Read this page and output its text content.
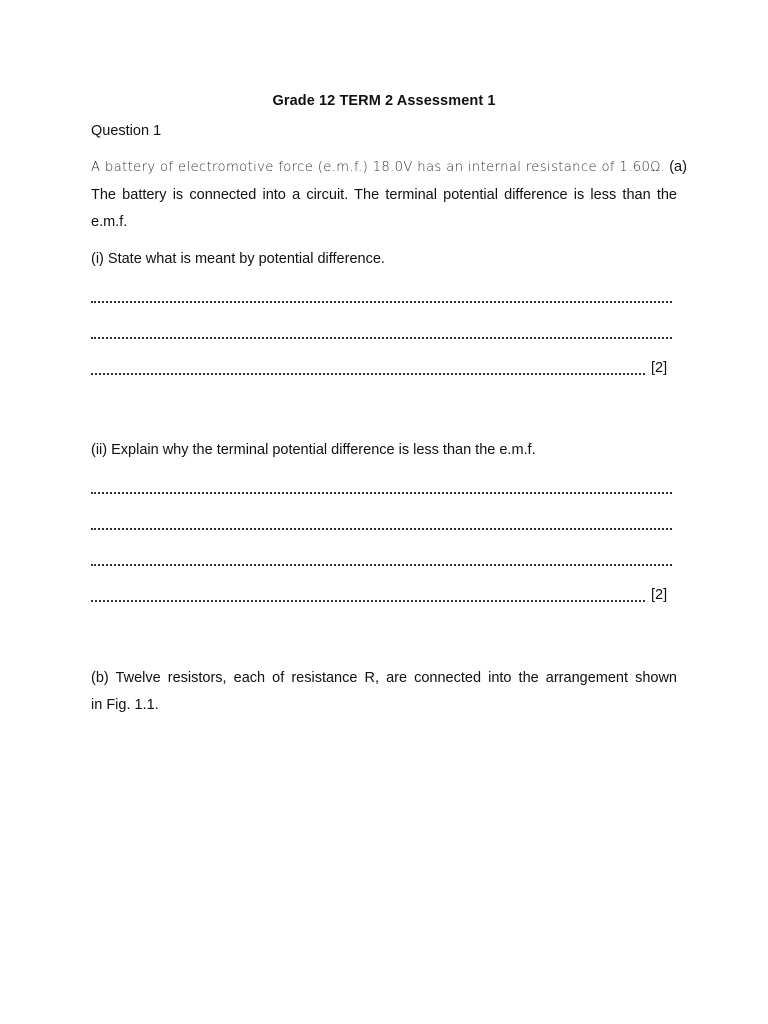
Grade 12 TERM 2 Assessment 1
Question 1
A battery of electromotive force (e.m.f.) 18.0V has an internal resistance of 1.60Ω. (a)
The battery is connected into a circuit. The terminal potential difference is less than the
e.m.f.
(i) State what is meant by potential difference.
[2]
(ii) Explain why the terminal potential difference is less than the e.m.f.
[2]
(b) Twelve resistors, each of resistance R, are connected into the arrangement shown
in Fig. 1.1.
